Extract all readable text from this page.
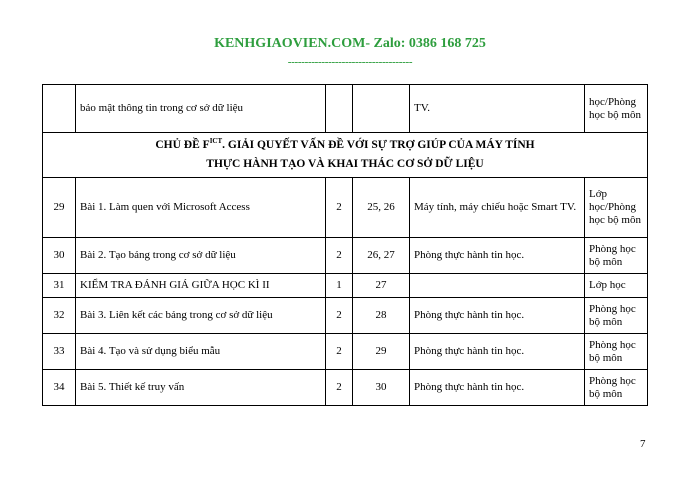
KENHGIAOVIEN.COM- Zalo: 0386 168 725
-------------------------------------
	bảo mật thông tin trong cơ sở dữ liệu			TV.	học/Phòng học bộ môn
CHỦ ĐỀ $F^{ICT}$. GIẢI QUYẾT VẤN ĐỀ VỚI SỰ TRỢ GIÚP CỦA MÁY TÍNH
THỰC HÀNH TẠO VÀ KHAI THÁC CƠ SỞ DỮ LIỆU					
29	Bài 1. Làm quen với Microsoft Access	2	25, 26	Máy tính, máy chiếu hoặc Smart TV.	Lớp học/Phòng học bộ môn
30	Bài 2. Tạo bảng trong cơ sở dữ liệu	2	26, 27	Phòng thực hành tin học.	Phòng học bộ môn
31	KIỂM TRA ĐÁNH GIÁ GIỮA HỌC KÌ II	1	27		Lớp học
32	Bài 3. Liên kết các bảng trong cơ sở dữ liệu	2	28	Phòng thực hành tin học.	Phòng học bộ môn
33	Bài 4. Tạo và sử dụng biểu mẫu	2	29	Phòng thực hành tin học.	Phòng học bộ môn
34	Bài 5. Thiết kế truy vấn	2	30	Phòng thực hành tin học.	Phòng học bộ môn
7
